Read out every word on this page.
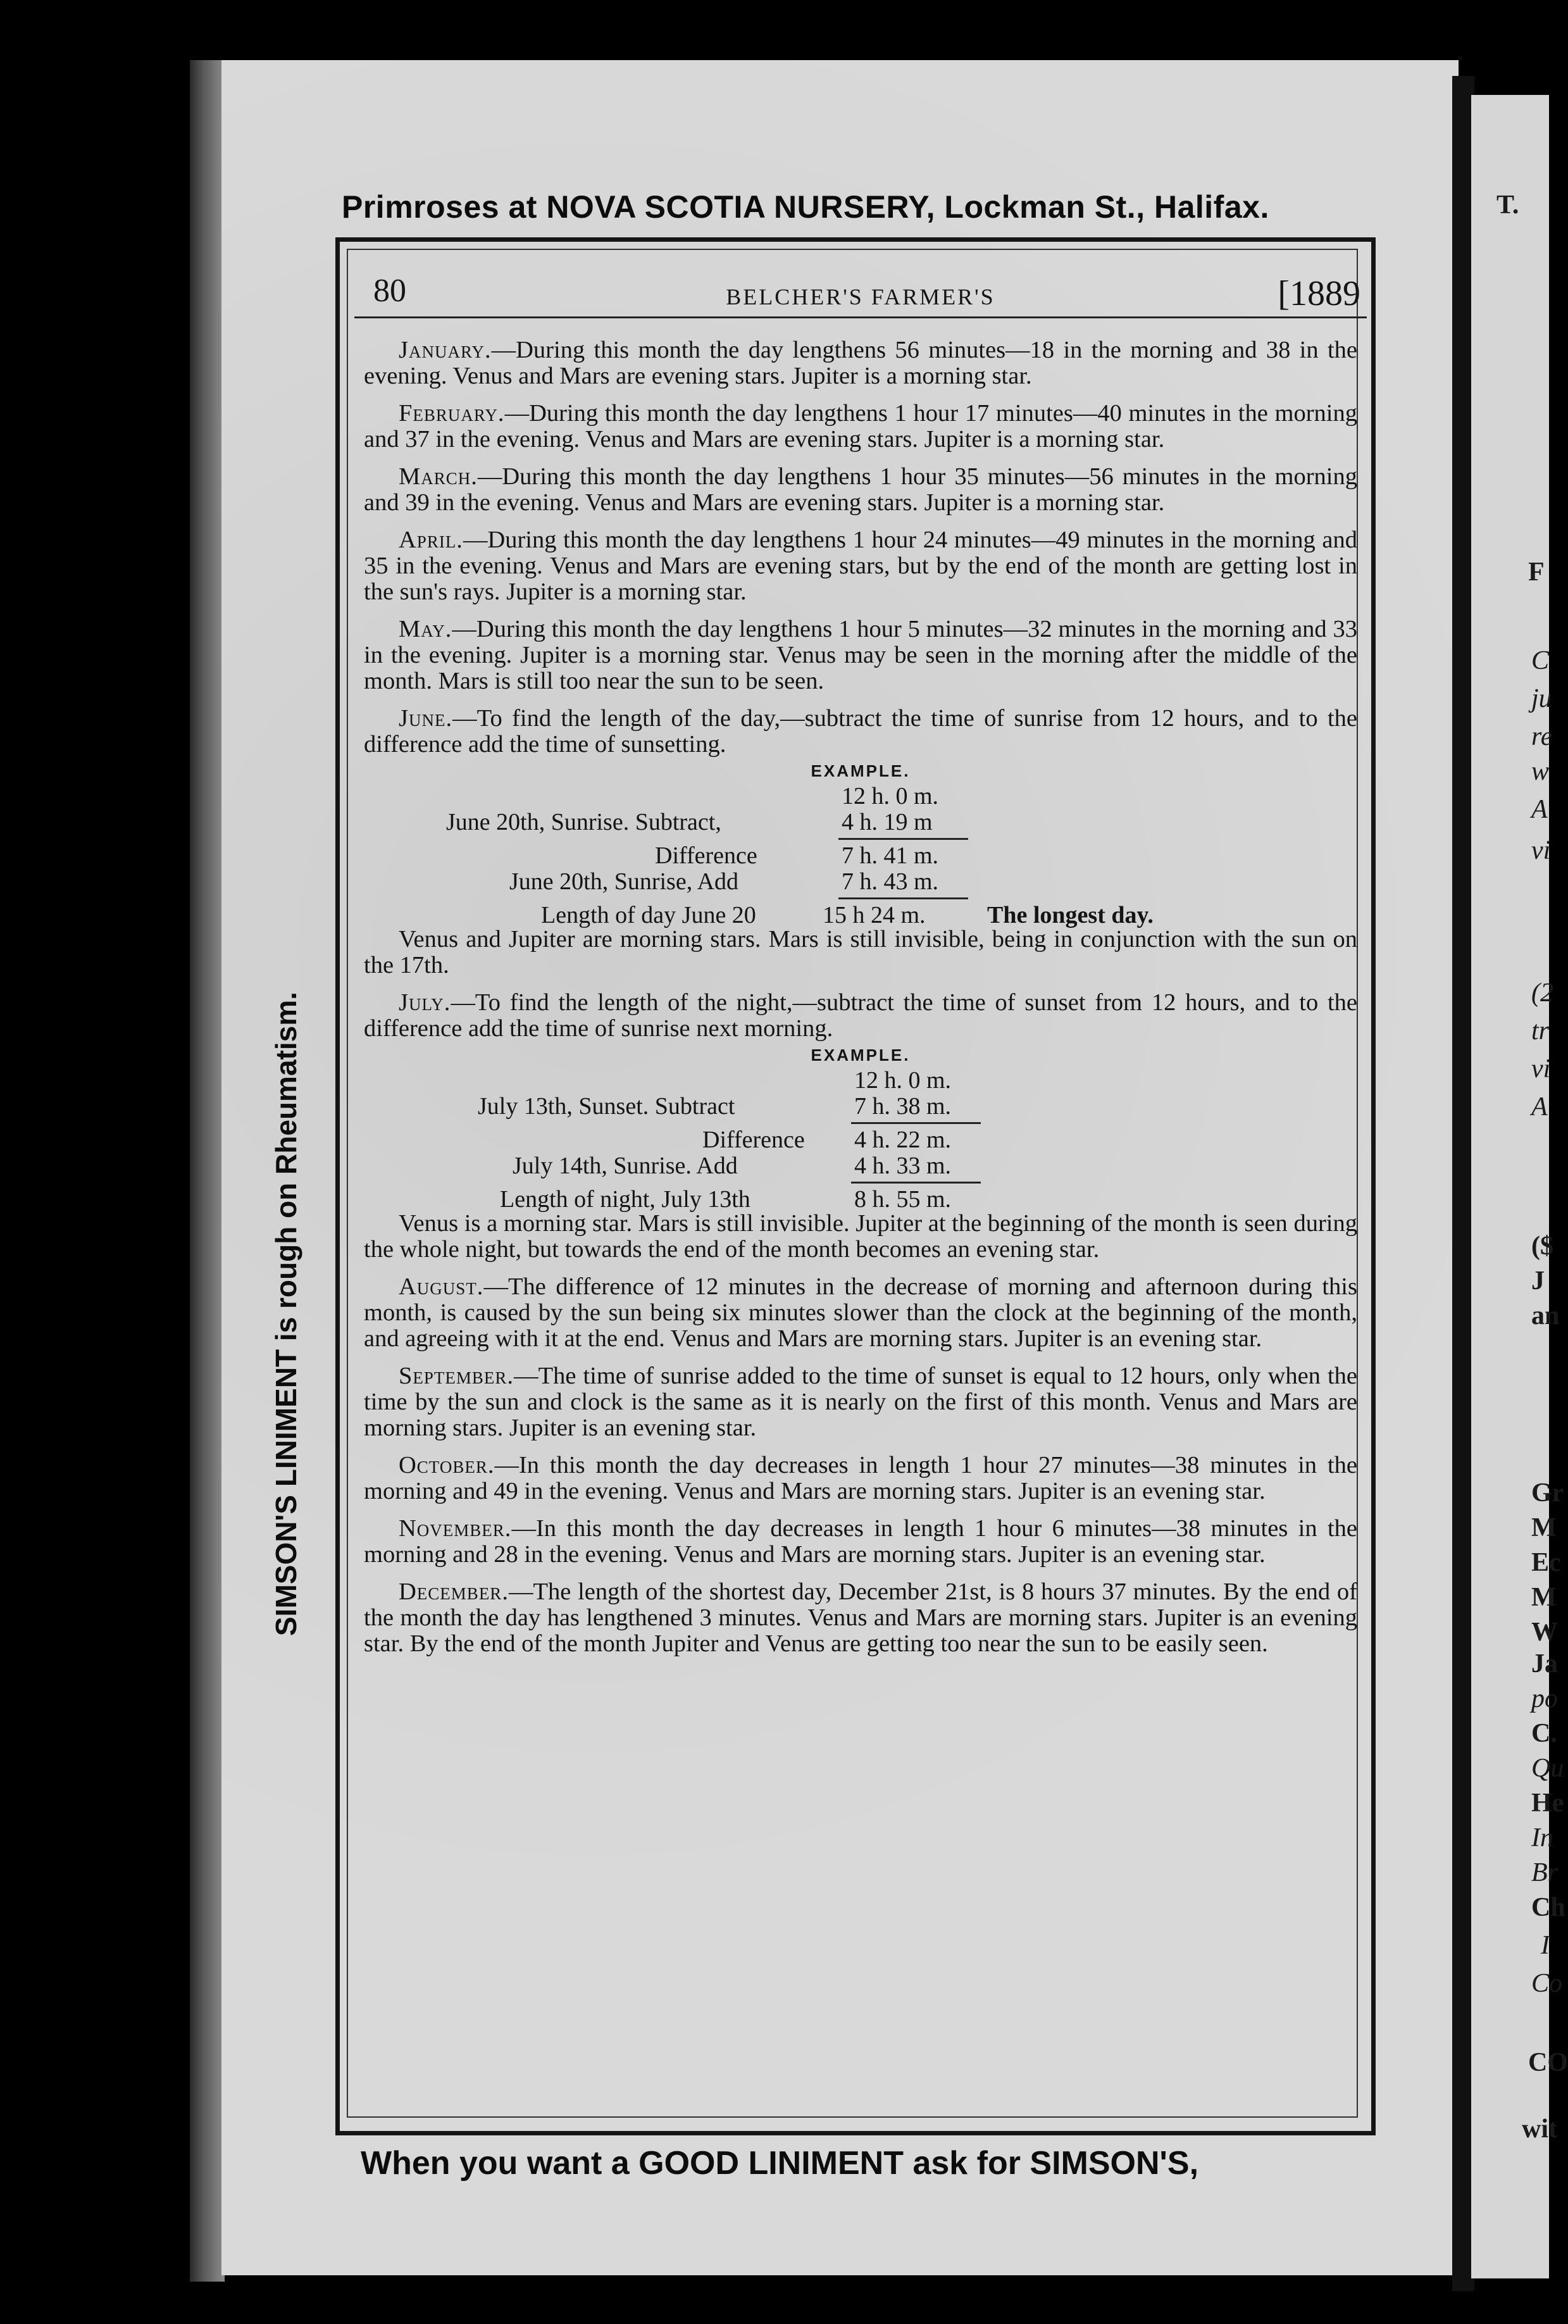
T.
F
C
ju
re
w
A
vi
(2
tr
vi
A
($
J
an
Gr
M
Ec
M
W
Ja
po
C.
Qu
He
In
Br
Ch
I
Co
CO
wit
Primroses at NOVA SCOTIA NURSERY, Lockman St., Halifax.
SIMSON'S LINIMENT is rough on Rheumatism.
When you want a GOOD LINIMENT ask for SIMSON'S,
80	BELCHER'S FARMER'S	[1889

January.—During this month the day lengthens 56 minutes—18 in the morning and 38 in the evening. Venus and Mars are evening stars. Jupiter is a morning star.

February.—During this month the day lengthens 1 hour 17 minutes—40 minutes in the morning and 37 in the evening. Venus and Mars are evening stars. Jupiter is a morning star.

March.—During this month the day lengthens 1 hour 35 minutes—56 minutes in the morning and 39 in the evening. Venus and Mars are evening stars. Jupiter is a morning star.

April.—During this month the day lengthens 1 hour 24 minutes—49 minutes in the morning and 35 in the evening. Venus and Mars are evening stars, but by the end of the month are getting lost in the sun's rays. Jupiter is a morning star.

May.—During this month the day lengthens 1 hour 5 minutes—32 minutes in the morning and 33 in the evening. Jupiter is a morning star. Venus may be seen in the morning after the middle of the month. Mars is still too near the sun to be seen.

June.—To find the length of the day,—subtract the time of sunrise from 12 hours, and to the difference add the time of sunsetting.

EXAMPLE.
12 h. 0 m.
June 20th, Sunrise. Subtract,	4 h. 19 m
Difference	7 h. 41 m.
June 20th, Sunrise, Add	7 h. 43 m.
Length of day June 20	15 h 24 m.	The longest day.

Venus and Jupiter are morning stars. Mars is still invisible, being in conjunction with the sun on the 17th.

July.—To find the length of the night,—subtract the time of sunset from 12 hours, and to the difference add the time of sunrise next morning.

EXAMPLE.
12 h. 0 m.
July 13th, Sunset. Subtract	7 h. 38 m.
Difference 4 h. 22 m.
July 14th, Sunrise. Add	4 h. 33 m.
Length of night, July 13th	8 h. 55 m.

Venus is a morning star. Mars is still invisible. Jupiter at the beginning of the month is seen during the whole night, but towards the end of the month becomes an evening star.

August.—The difference of 12 minutes in the decrease of morning and afternoon during this month, is caused by the sun being six minutes slower than the clock at the beginning of the month, and agreeing with it at the end. Venus and Mars are morning stars. Jupiter is an evening star.

September.—The time of sunrise added to the time of sunset is equal to 12 hours, only when the time by the sun and clock is the same as it is nearly on the first of this month. Venus and Mars are morning stars. Jupiter is an evening star.

October.—In this month the day decreases in length 1 hour 27 minutes—38 minutes in the morning and 49 in the evening. Venus and Mars are morning stars. Jupiter is an evening star.

November.—In this month the day decreases in length 1 hour 6 minutes—38 minutes in the morning and 28 in the evening. Venus and Mars are morning stars. Jupiter is an evening star.

December.—The length of the shortest day, December 21st, is 8 hours 37 minutes. By the end of the month the day has lengthened 3 minutes. Venus and Mars are morning stars. Jupiter is an evening star. By the end of the month Jupiter and Venus are getting too near the sun to be easily seen.
